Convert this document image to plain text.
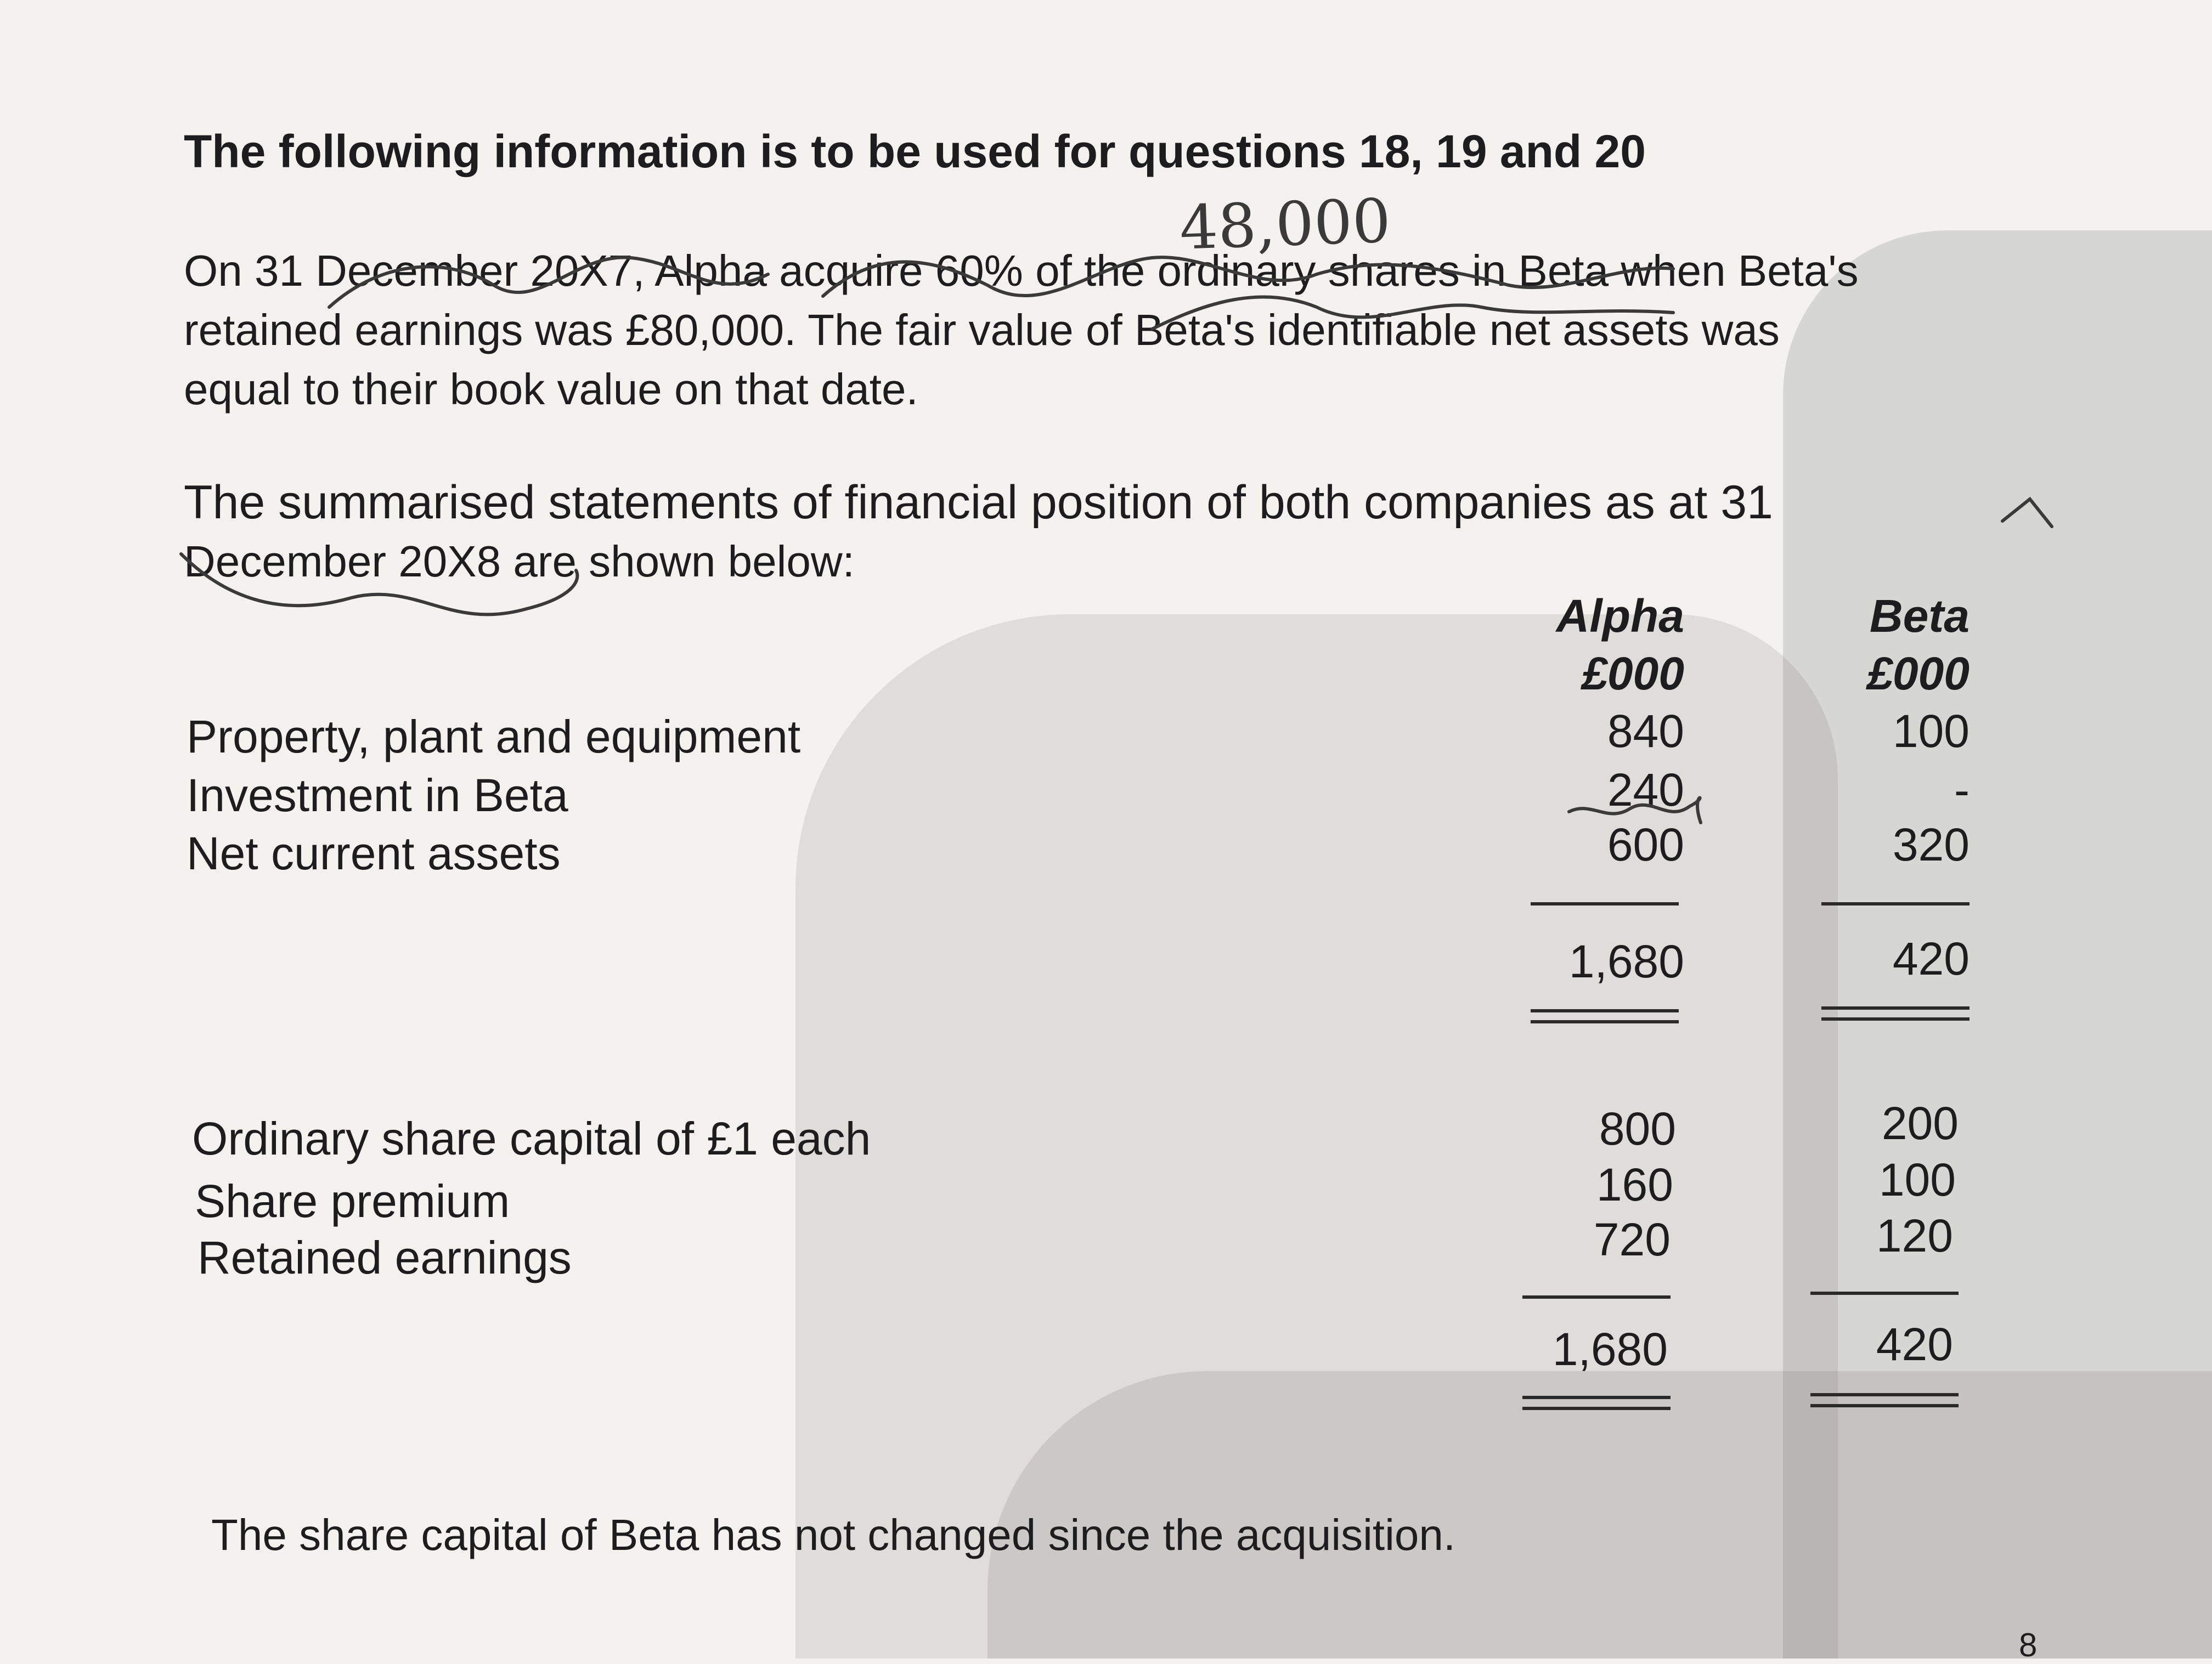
The following information is to be used for questions 18, 19 and 20
On 31 December 20X7, Alpha acquire 60% of the ordinary shares in Beta when Beta's
retained earnings was £80,000. The fair value of Beta's identifiable net assets was
equal to their book value on that date.
The summarised statements of financial position of both companies as at 31
December 20X8 are shown below:
Alpha
£000
Beta
£000
Property, plant and equipment	840	100
Investment in Beta	240	-
Net current assets	600	320
1,680	420
Ordinary share capital of £1 each	800	200
Share premium	160	100
Retained earnings	720	120
1,680	420
The share capital of Beta has not changed since the acquisition.
8
48,000
